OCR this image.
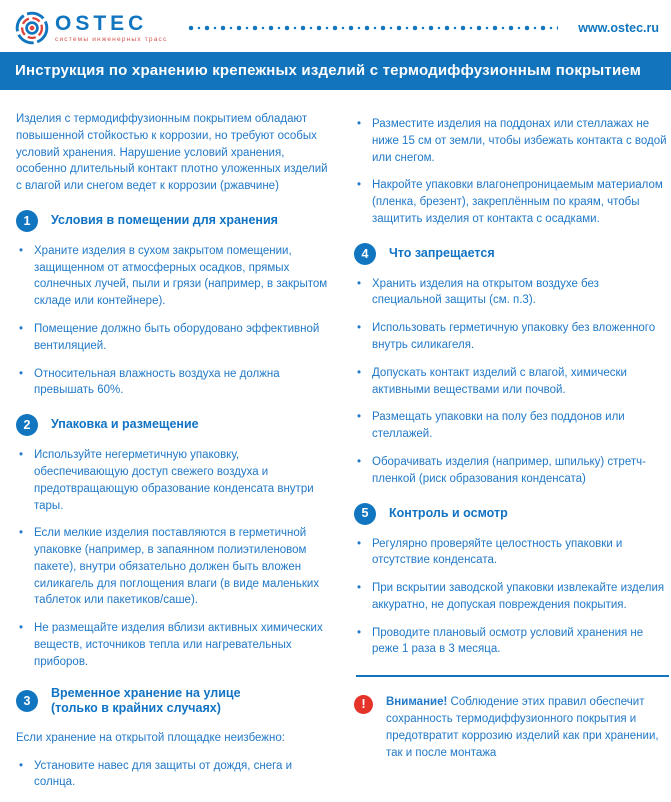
OSTEC
системы инженерных трасс
www.ostec.ru
Инструкция по хранению крепежных изделий с термодиффузионным покрытием

Изделия с термодиффузионным покрытием обладают повышенной стойкостью к коррозии, но требуют особых условий хранения. Нарушение условий хранения, особенно длительный контакт плотно уложенных изделий с влагой или снегом ведет к коррозии (ржавчине)

1	Условия в помещении для хранения
• Храните изделия в сухом закрытом помещении, защищенном от атмосферных осадков, прямых солнечных лучей, пыли и грязи (например, в закрытом складе или контейнере).
• Помещение должно быть оборудовано эффективной вентиляцией.
• Относительная влажность воздуха не должна превышать 60%.
2	Упаковка и размещение
• Используйте негерметичную упаковку, обеспечивающую доступ свежего воздуха и предотвращающую образование конденсата внутри тары.
• Если мелкие изделия поставляются в герметичной упаковке (например, в запаянном полиэтиленовом пакете), внутри обязательно должен быть вложен силикагель для поглощения влаги (в виде маленьких таблеток или пакетиков/саше).
• Не размещайте изделия вблизи активных химических веществ, источников тепла или нагревательных приборов.
3
Временное хранение на улице
(только в крайних случаях)

Если хранение на открытой площадке неизбежно:

• Установите навес для защиты от дождя, снега и солнца.
• Разместите изделия на поддонах или стеллажах не ниже 15 см от земли, чтобы избежать контакта с водой или снегом.
• Накройте упаковки влагонепроницаемым материалом (пленка, брезент), закреплённым по краям, чтобы защитить изделия от контакта с осадками.
4	Что запрещается
• Хранить изделия на открытом воздухе без специальной защиты (см. п.3).
• Использовать герметичную упаковку без вложенного внутрь силикагеля.
• Допускать контакт изделий с влагой, химически активными веществами или почвой.
• Размещать упаковки на полу без поддонов или стеллажей.
• Оборачивать изделия (например, шпильку) стретч-пленкой (риск образования конденсата)
5	Контроль и осмотр
• Регулярно проверяйте целостность упаковки и отсутствие конденсата.
• При вскрытии заводской упаковки извлекайте изделия аккуратно, не допуская повреждения покрытия.
• Проводите плановый осмотр условий хранения не реже 1 раза в 3 месяца.
!	Внимание! Соблюдение этих правил обеспечит сохранность термодиффузионного покрытия и предотвратит коррозию изделий как при хранении, так и после монтажа
